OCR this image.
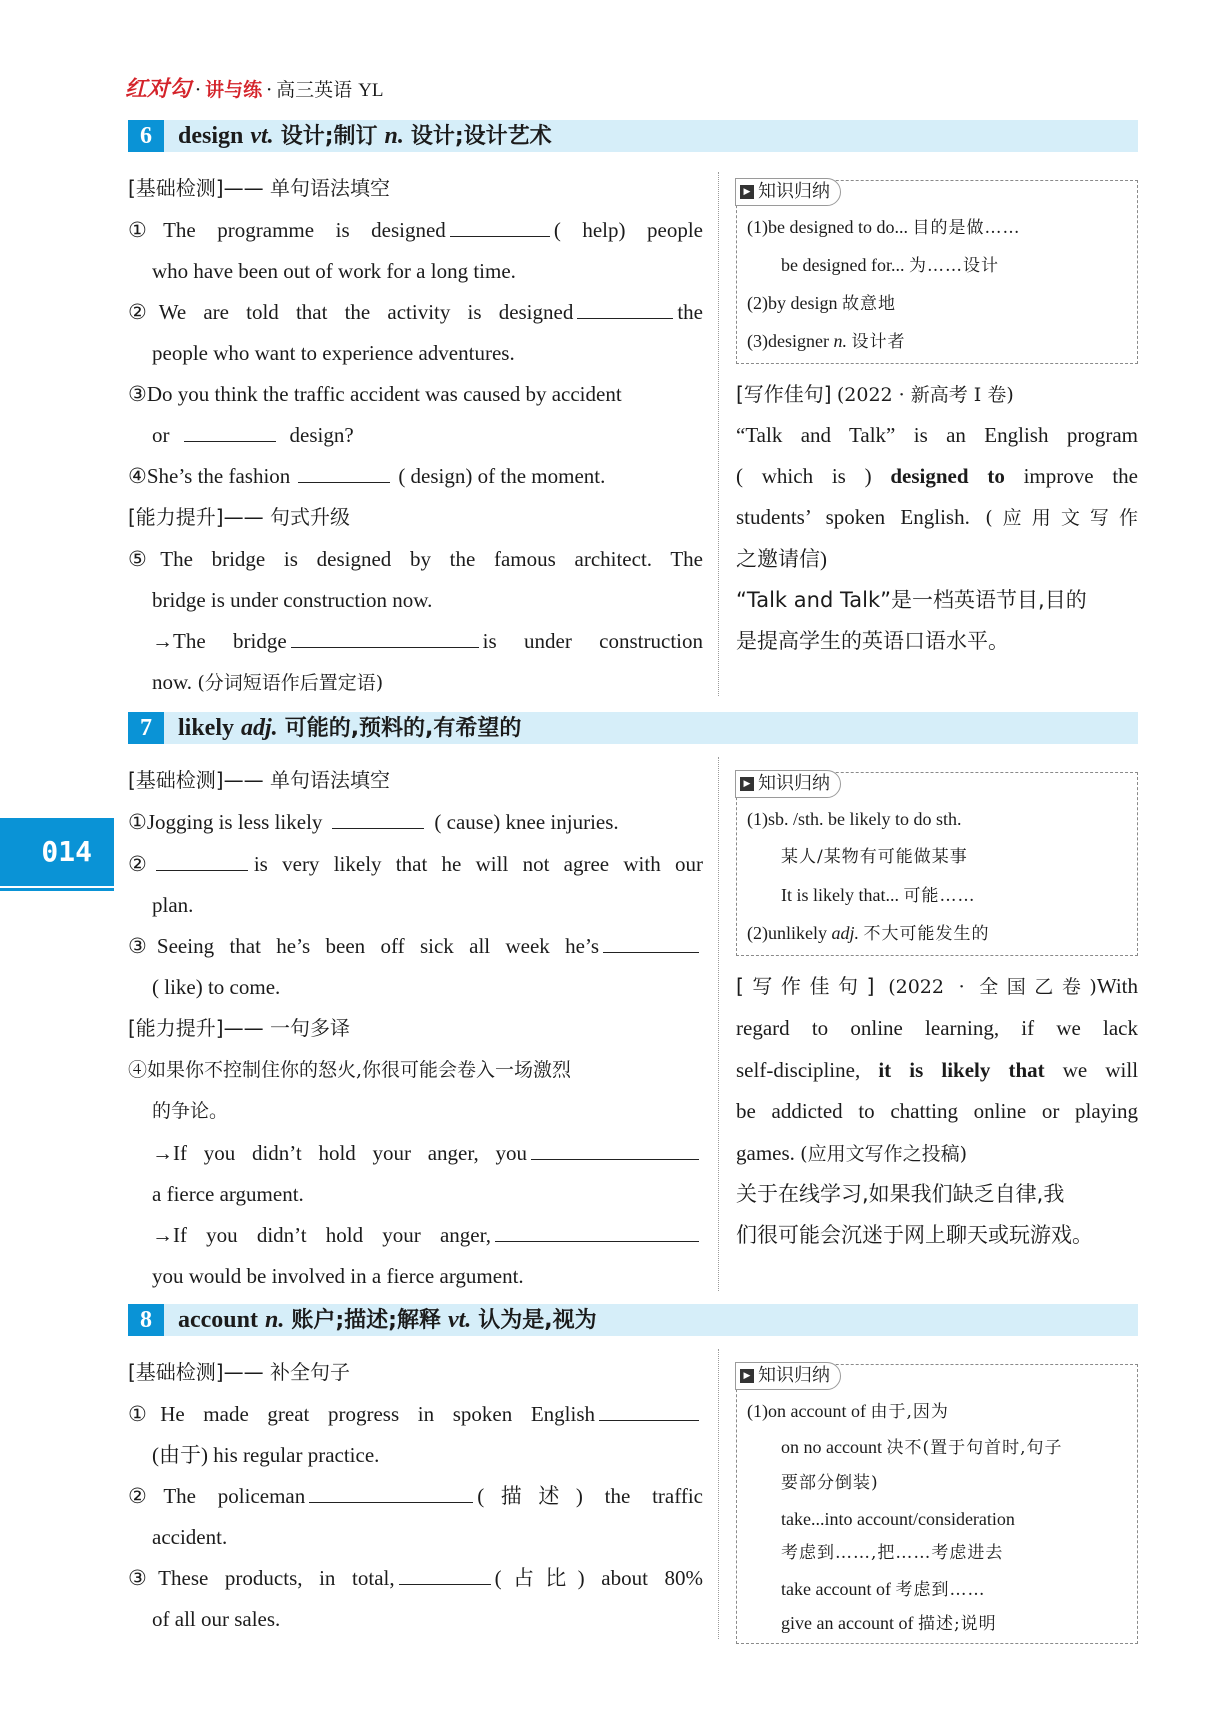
红对勾 · 讲与练 · 高三英语 YL
014
6 design vt. 设计;制订 n. 设计;设计艺术
[基础检测]—— 单句语法填空
①The programme is designed	( help) people
who have been out of work for a long time.
②We are told that the activity is designed	the
people who want to experience adventures.
③Do you think the traffic accident was caused by accident
or	design?
④She’s the fashion	( design) of the moment.
[能力提升]—— 句式升级
⑤The bridge is designed by the famous architect. The
bridge is under construction now.
→The bridge	is under construction
now. (分词短语作后置定语)
▶ 知识归纳
(1)be designed to do... 目的是做……
be designed for... 为……设计
(2)by design 故意地
(3)designer n. 设计者
[写作佳句] (2022 · 新高考 Ⅰ 卷)
“Talk and Talk” is an English program
( which is ) designed to improve the
students’ spoken English. (应用文写作
之邀请信)
“Talk and Talk”是一档英语节目,目的
是提高学生的英语口语水平。
7 likely adj. 可能的,预料的,有希望的
[基础检测]—— 单句语法填空
①Jogging is less likely	( cause) knee injuries.
②	is very likely that he will not agree with our
plan.
③Seeing that he’s been off sick all week he’s
( like) to come.
[能力提升]—— 一句多译
④如果你不控制住你的怒火,你很可能会卷入一场激烈
的争论。
→If you didn’t hold your anger, you
a fierce argument.
→If you didn’t hold your anger,
you would be involved in a fierce argument.
▶ 知识归纳
(1)sb. /sth. be likely to do sth.
某人/某物有可能做某事
It is likely that... 可能……
(2)unlikely adj. 不大可能发生的
[写作佳句] (2022 · 全国乙卷)With
regard to online learning, if we lack
self-discipline, it is likely that we will
be addicted to chatting online or playing
games. (应用文写作之投稿)
关于在线学习,如果我们缺乏自律,我
们很可能会沉迷于网上聊天或玩游戏。
8 account n. 账户;描述;解释 vt. 认为是,视为
[基础检测]—— 补全句子
①He made great progress in spoken English
(由于) his regular practice.
②The policeman	(描述) the traffic
accident.
③These products, in total,	(占比) about 80%
of all our sales.
▶ 知识归纳
(1)on account of 由于,因为
on no account 决不(置于句首时,句子
要部分倒装)
take...into account/consideration
考虑到……,把……考虑进去
take account of 考虑到……
give an account of 描述;说明
